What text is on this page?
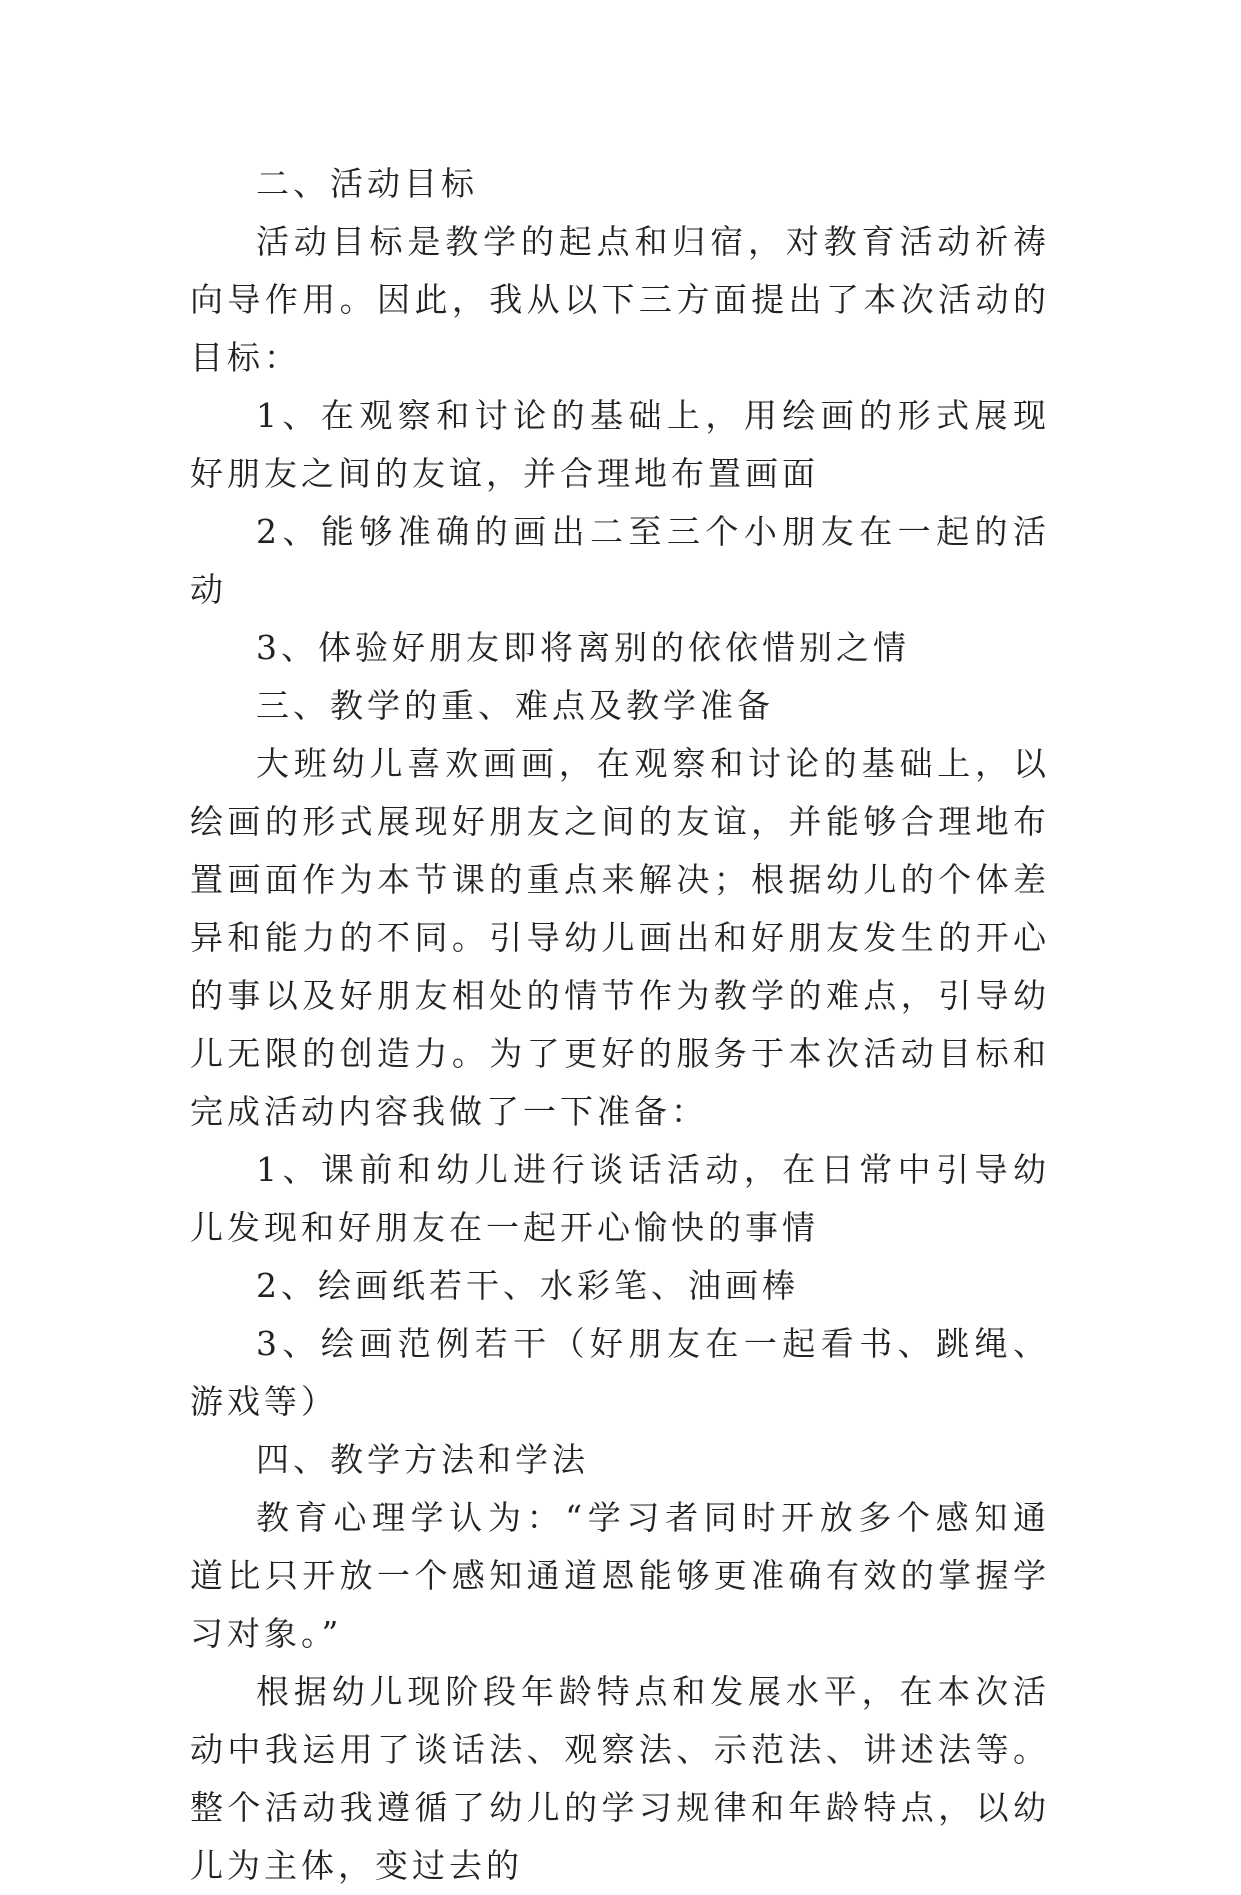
二、活动目标

活动目标是教学的起点和归宿，对教育活动祈祷向导作用。因此，我从以下三方面提出了本次活动的目标：

1、在观察和讨论的基础上，用绘画的形式展现好朋友之间的友谊，并合理地布置画面

2、能够准确的画出二至三个小朋友在一起的活动

3、体验好朋友即将离别的依依惜别之情

三、教学的重、难点及教学准备

大班幼儿喜欢画画，在观察和讨论的基础上，以绘画的形式展现好朋友之间的友谊，并能够合理地布置画面作为本节课的重点来解决；根据幼儿的个体差异和能力的不同。引导幼儿画出和好朋友发生的开心的事以及好朋友相处的情节作为教学的难点，引导幼儿无限的创造力。为了更好的服务于本次活动目标和完成活动内容我做了一下准备：

1、课前和幼儿进行谈话活动，在日常中引导幼儿发现和好朋友在一起开心愉快的事情

2、绘画纸若干、水彩笔、油画棒

3、绘画范例若干（好朋友在一起看书、跳绳、游戏等）

四、教学方法和学法

教育心理学认为：“学习者同时开放多个感知通道比只开放一个感知通道恩能够更准确有效的掌握学习对象。”

根据幼儿现阶段年龄特点和发展水平，在本次活动中我运用了谈话法、观察法、示范法、讲述法等。整个活动我遵循了幼儿的学习规律和年龄特点，以幼儿为主体，变过去的
